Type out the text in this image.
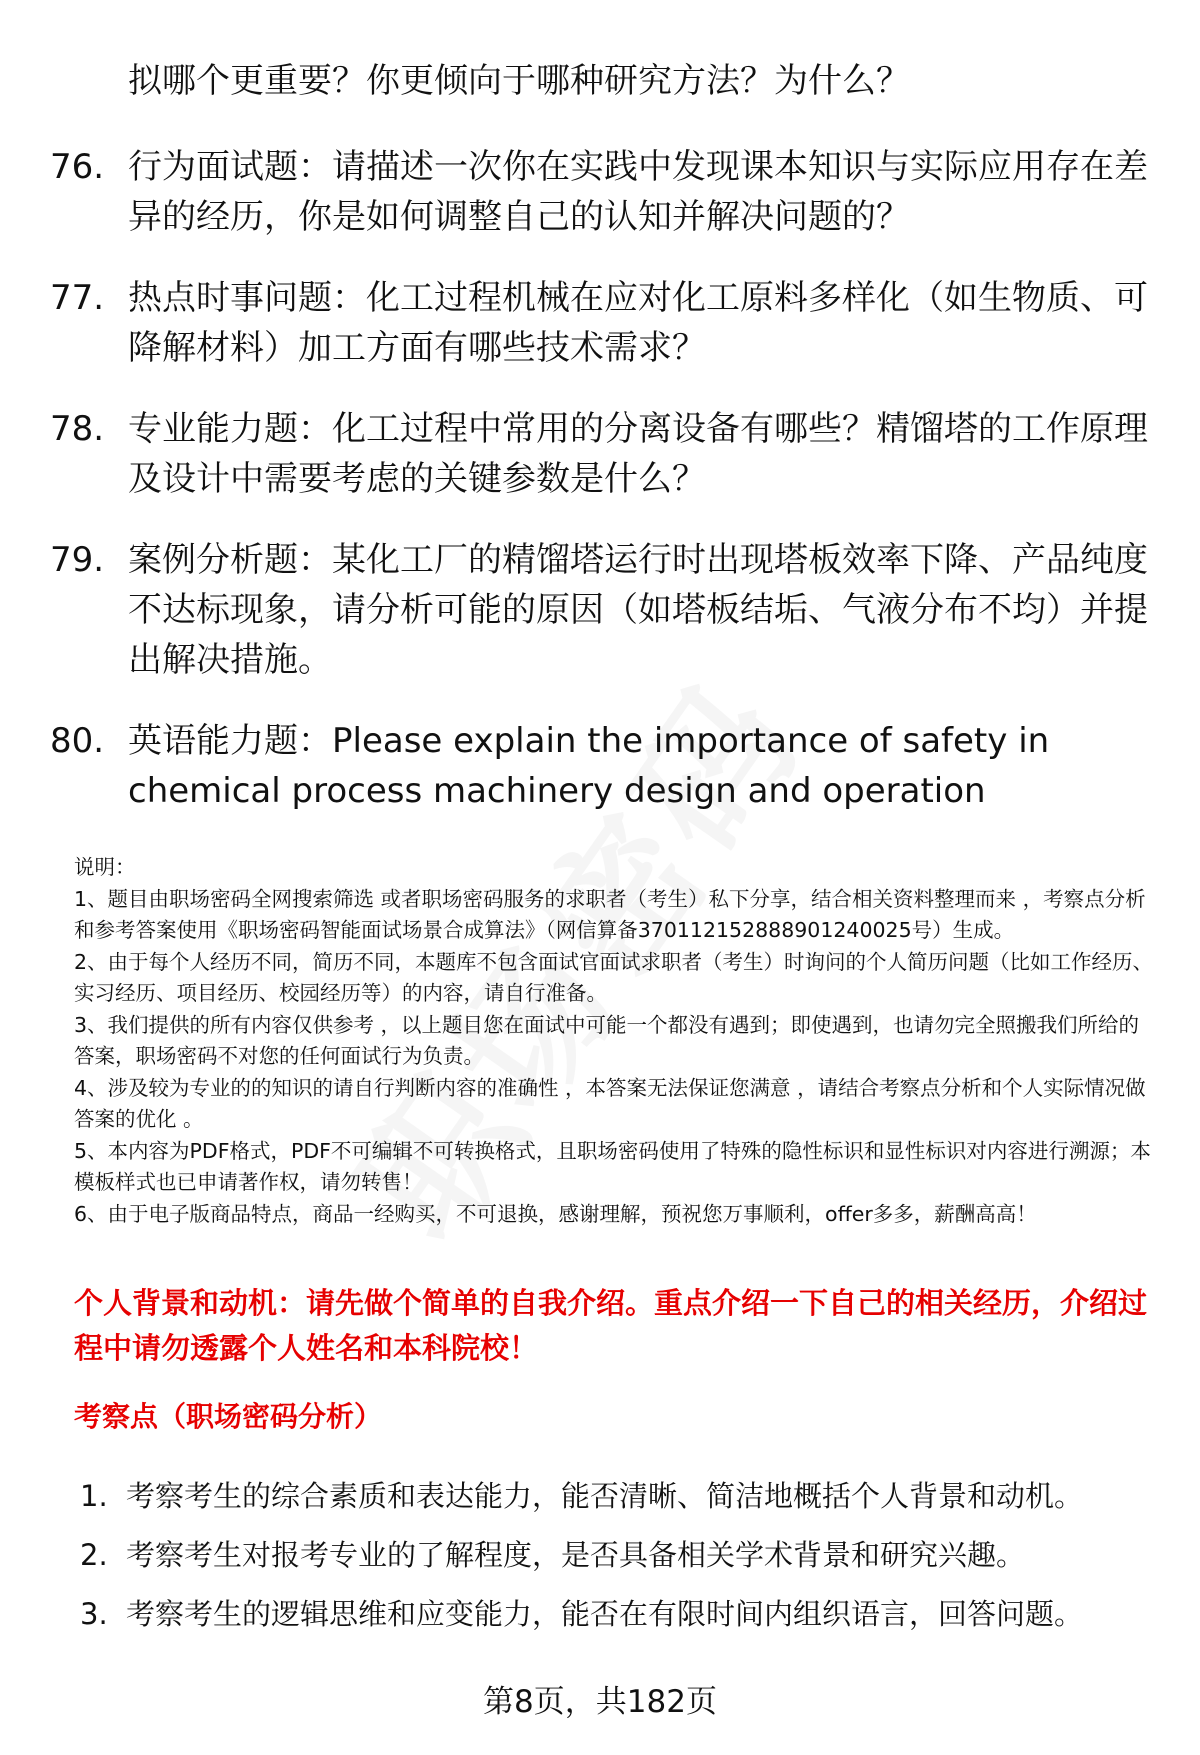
拟哪个更重要？你更倾向于哪种研究方法？为什么？

76. 行为面试题：请描述一次你在实践中发现课本知识与实际应用存在差异的经历，你是如何调整自己的认知并解决问题的？
77. 热点时事问题：化工过程机械在应对化工原料多样化（如生物质、可降解材料）加工方面有哪些技术需求？
78. 专业能力题：化工过程中常用的分离设备有哪些？精馏塔的工作原理及设计中需要考虑的关键参数是什么？
79. 案例分析题：某化工厂的精馏塔运行时出现塔板效率下降、产品纯度不达标现象，请分析可能的原因（如塔板结垢、气液分布不均）并提出解决措施。
80. 英语能力题：Please explain the importance of safety in chemical process machinery design and operation

说明：

1、题目由职场密码全网搜索筛选 或者职场密码服务的求职者（考生）私下分享，结合相关资料整理而来 ，考察点分析和参考答案使用《职场密码智能面试场景合成算法》（网信算备370112152888901240025号）生成。

2、由于每个人经历不同，简历不同，本题库不包含面试官面试求职者（考生）时询问的个人简历问题（比如工作经历、实习经历、项目经历、校园经历等）的内容，请自行准备。

3、我们提供的所有内容仅供参考 ，以上题目您在面试中可能一个都没有遇到；即使遇到，也请勿完全照搬我们所给的答案，职场密码不对您的任何面试行为负责。

4、涉及较为专业的的知识的请自行判断内容的准确性 ，本答案无法保证您满意 ，请结合考察点分析和个人实际情况做答案的优化 。

5、本内容为PDF格式，PDF不可编辑不可转换格式，且职场密码使用了特殊的隐性标识和显性标识对内容进行溯源；本模板样式也已申请著作权，请勿转售！

6、由于电子版商品特点，商品一经购买，不可退换，感谢理解，预祝您万事顺利，offer多多，薪酬高高！

个人背景和动机：请先做个简单的自我介绍。重点介绍一下自己的相关经历，介绍过程中请勿透露个人姓名和本科院校！

考察点（职场密码分析）

1. 考察考生的综合素质和表达能力，能否清晰、简洁地概括个人背景和动机。
2. 考察考生对报考专业的了解程度，是否具备相关学术背景和研究兴趣。
3. 考察考生的逻辑思维和应变能力，能否在有限时间内组织语言，回答问题。
第8页，共182页
